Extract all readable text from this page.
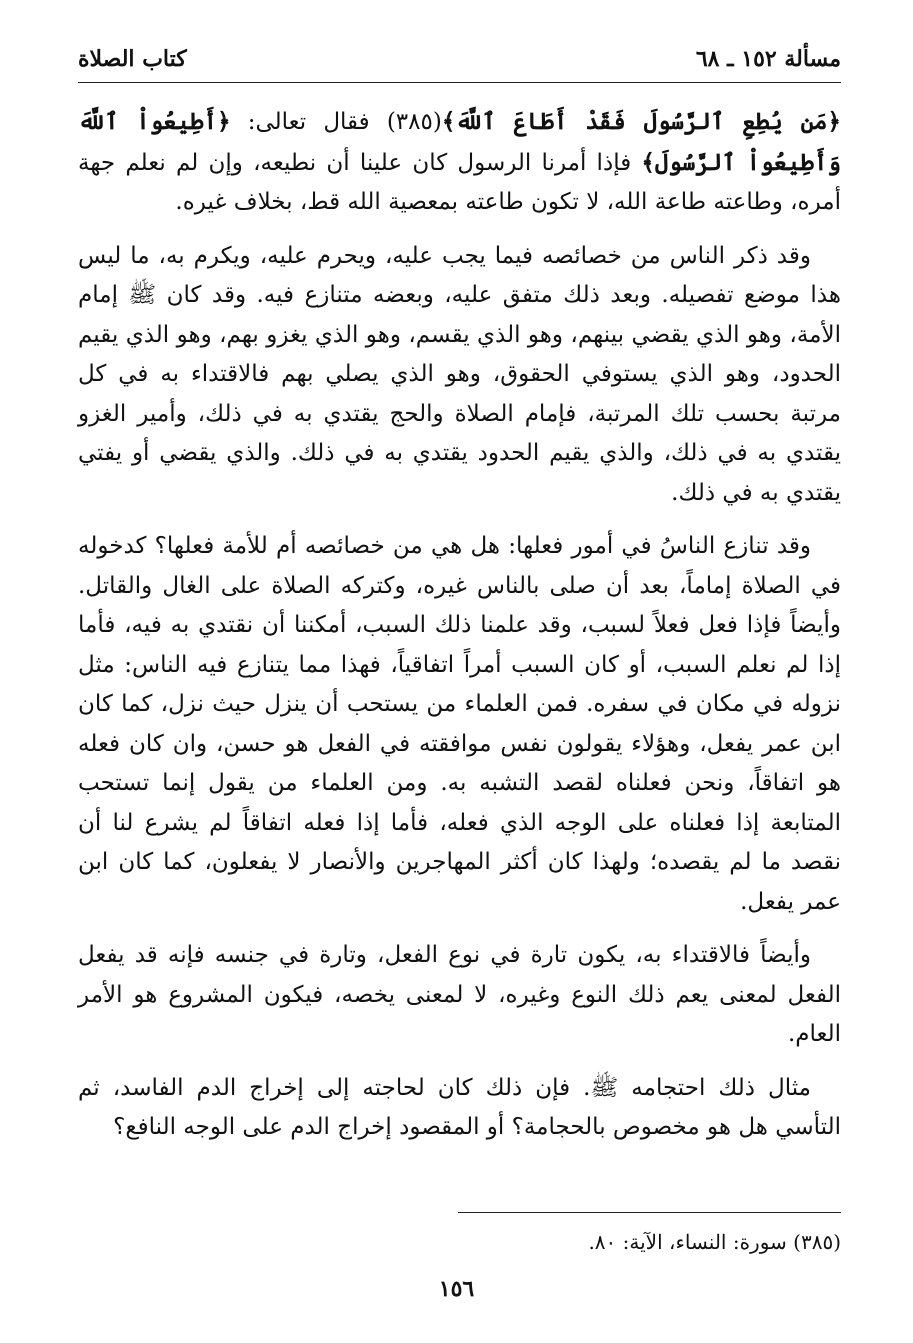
مسألة ١٥٢ ـ ٦٨
كتاب الصلاة

﴿مَن يُطِعِ ٱلرَّسُولَ فَقَدْ أَطَاعَ ٱللَّهَ﴾(٣٨٥) فقال تعالى: ﴿أَطِيعُواْ ٱللَّهَ وَأَطِيعُواْ ٱلرَّسُولَ﴾ فإذا أمرنا الرسول كان علينا أن نطيعه، وإن لم نعلم جهة أمره، وطاعته طاعة الله، لا تكون طاعته بمعصية الله قط، بخلاف غيره.

وقد ذكر الناس من خصائصه فيما يجب عليه، ويحرم عليه، ويكرم به، ما ليس هذا موضع تفصيله. وبعد ذلك متفق عليه، وبعضه متنازع فيه. وقد كان ﷺ إمام الأمة، وهو الذي يقضي بينهم، وهو الذي يقسم، وهو الذي يغزو بهم، وهو الذي يقيم الحدود، وهو الذي يستوفي الحقوق، وهو الذي يصلي بهم فالاقتداء به في كل مرتبة بحسب تلك المرتبة، فإمام الصلاة والحج يقتدي به في ذلك، وأمير الغزو يقتدي به في ذلك، والذي يقيم الحدود يقتدي به في ذلك. والذي يقضي أو يفتي يقتدي به في ذلك.

وقد تنازع الناسُ في أمور فعلها: هل هي من خصائصه أم للأمة فعلها؟ كدخوله في الصلاة إماماً، بعد أن صلى بالناس غيره، وكتركه الصلاة على الغال والقاتل. وأيضاً فإذا فعل فعلاً لسبب، وقد علمنا ذلك السبب، أمكننا أن نقتدي به فيه، فأما إذا لم نعلم السبب، أو كان السبب أمراً اتفاقياً، فهذا مما يتنازع فيه الناس: مثل نزوله في مكان في سفره. فمن العلماء من يستحب أن ينزل حيث نزل، كما كان ابن عمر يفعل، وهؤلاء يقولون نفس موافقته في الفعل هو حسن، وان كان فعله هو اتفاقاً، ونحن فعلناه لقصد التشبه به. ومن العلماء من يقول إنما تستحب المتابعة إذا فعلناه على الوجه الذي فعله، فأما إذا فعله اتفاقاً لم يشرع لنا أن نقصد ما لم يقصده؛ ولهذا كان أكثر المهاجرين والأنصار لا يفعلون، كما كان ابن عمر يفعل.

وأيضاً فالاقتداء به، يكون تارة في نوع الفعل، وتارة في جنسه فإنه قد يفعل الفعل لمعنى يعم ذلك النوع وغيره، لا لمعنى يخصه، فيكون المشروع هو الأمر العام.

مثال ذلك احتجامه ﷺ. فإن ذلك كان لحاجته إلى إخراج الدم الفاسد، ثم التأسي هل هو مخصوص بالحجامة؟ أو المقصود إخراج الدم على الوجه النافع؟

(٣٨٥) سورة: النساء، الآية: ٨٠.
١٥٦
